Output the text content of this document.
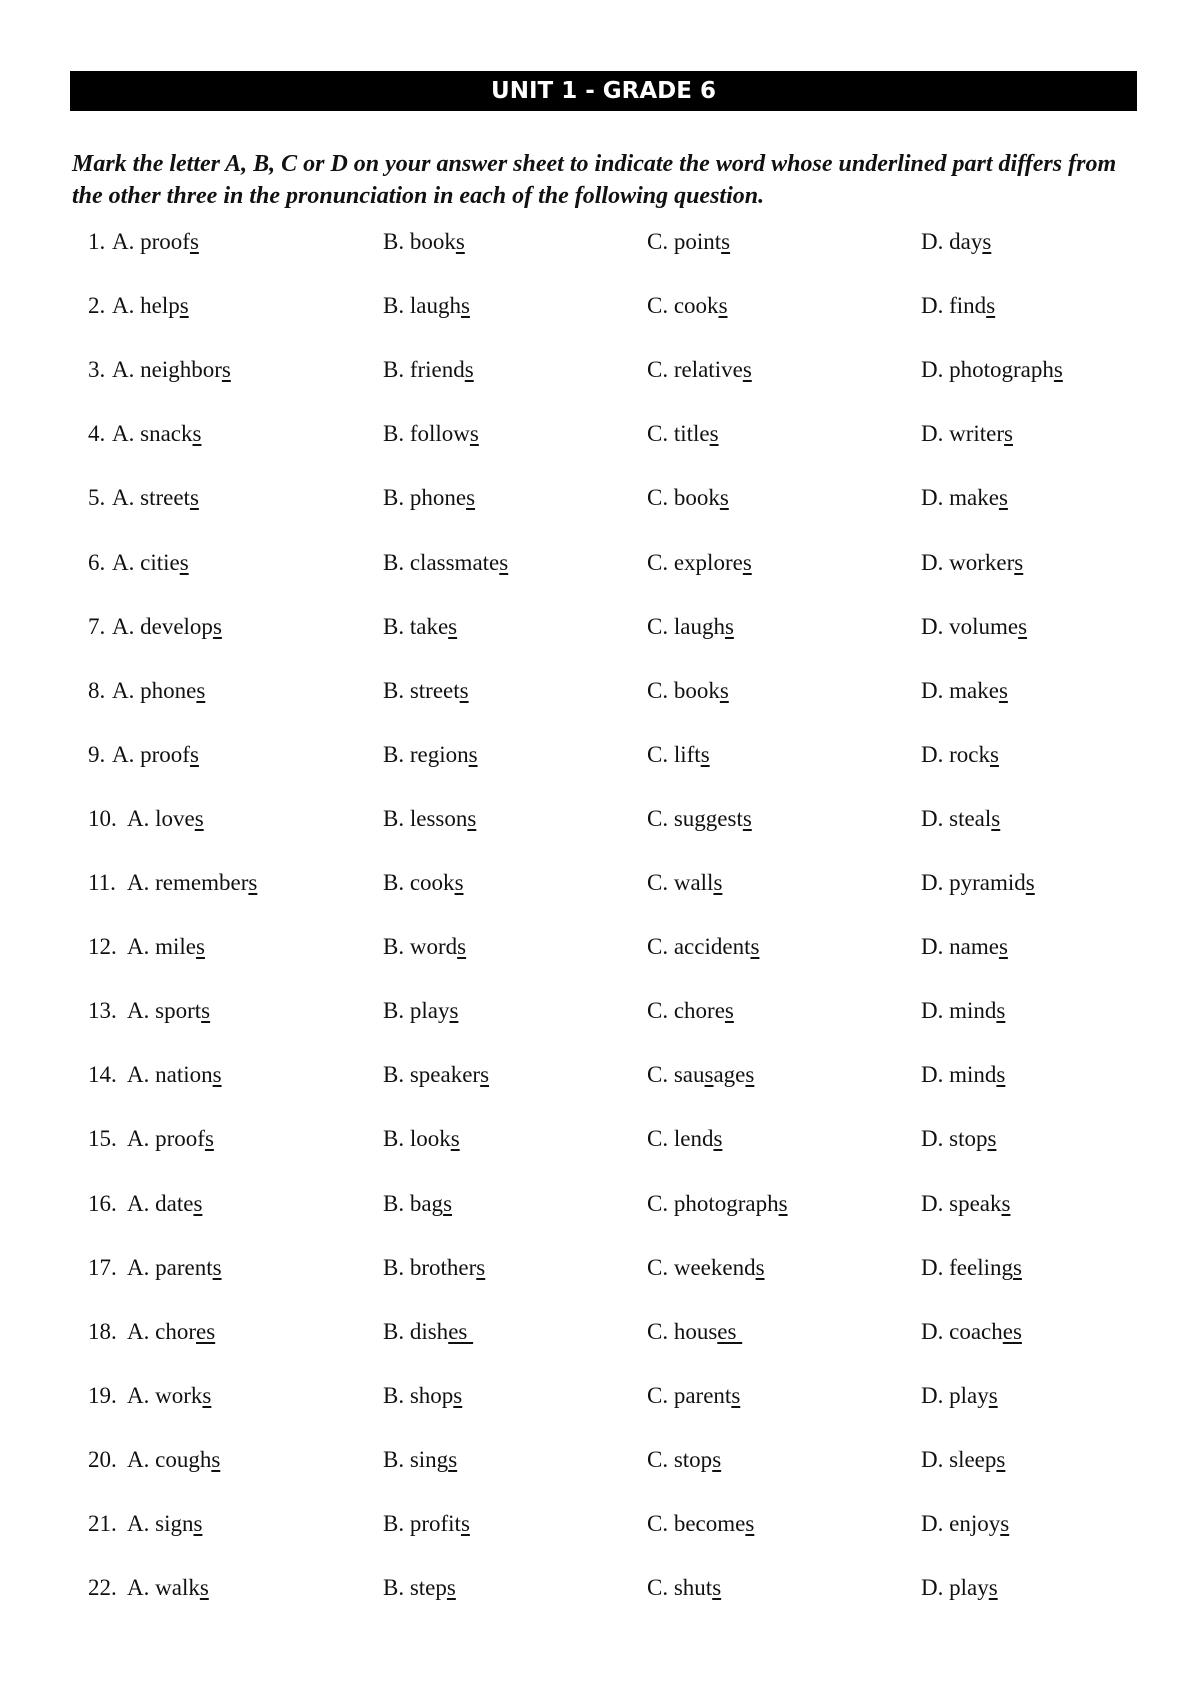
UNIT 1 - GRADE 6

Mark the letter A, B, C or D on your answer sheet to indicate the word whose underlined part differs from the other three in the pronunciation in each of the following question.

1. A. proofs	B. books	C. points	D. days
2. A. helps	B. laughs	C. cooks	D. finds
3. A. neighbors	B. friends	C. relatives	D. photographs
4. A. snacks	B. follows	C. titles	D. writers
5. A. streets	B. phones	C. books	D. makes
6. A. cities	B. classmates	C. explores	D. workers
7. A. develops	B. takes	C. laughs	D. volumes
8. A. phones	B. streets	C. books	D. makes
9. A. proofs	B. regions	C. lifts	D. rocks
10. A. loves	B. lessons	C. suggests	D. steals
11. A. remembers	B. cooks	C. walls	D. pyramids
12. A. miles	B. words	C. accidents	D. names
13. A. sports	B. plays	C. chores	D. minds
14. A. nations	B. speakers	C. sausages	D. minds
15. A. proofs	B. looks	C. lends	D. stops
16. A. dates	B. bags	C. photographs	D. speaks
17. A. parents	B. brothers	C. weekends	D. feelings
18. A. chores	B. dishes	C. houses	D. coaches
19. A. works	B. shops	C. parents	D. plays
20. A. coughs	B. sings	C. stops	D. sleeps
21. A. signs	B. profits	C. becomes	D. enjoys
22. A. walks	B. steps	C. shuts	D. plays
